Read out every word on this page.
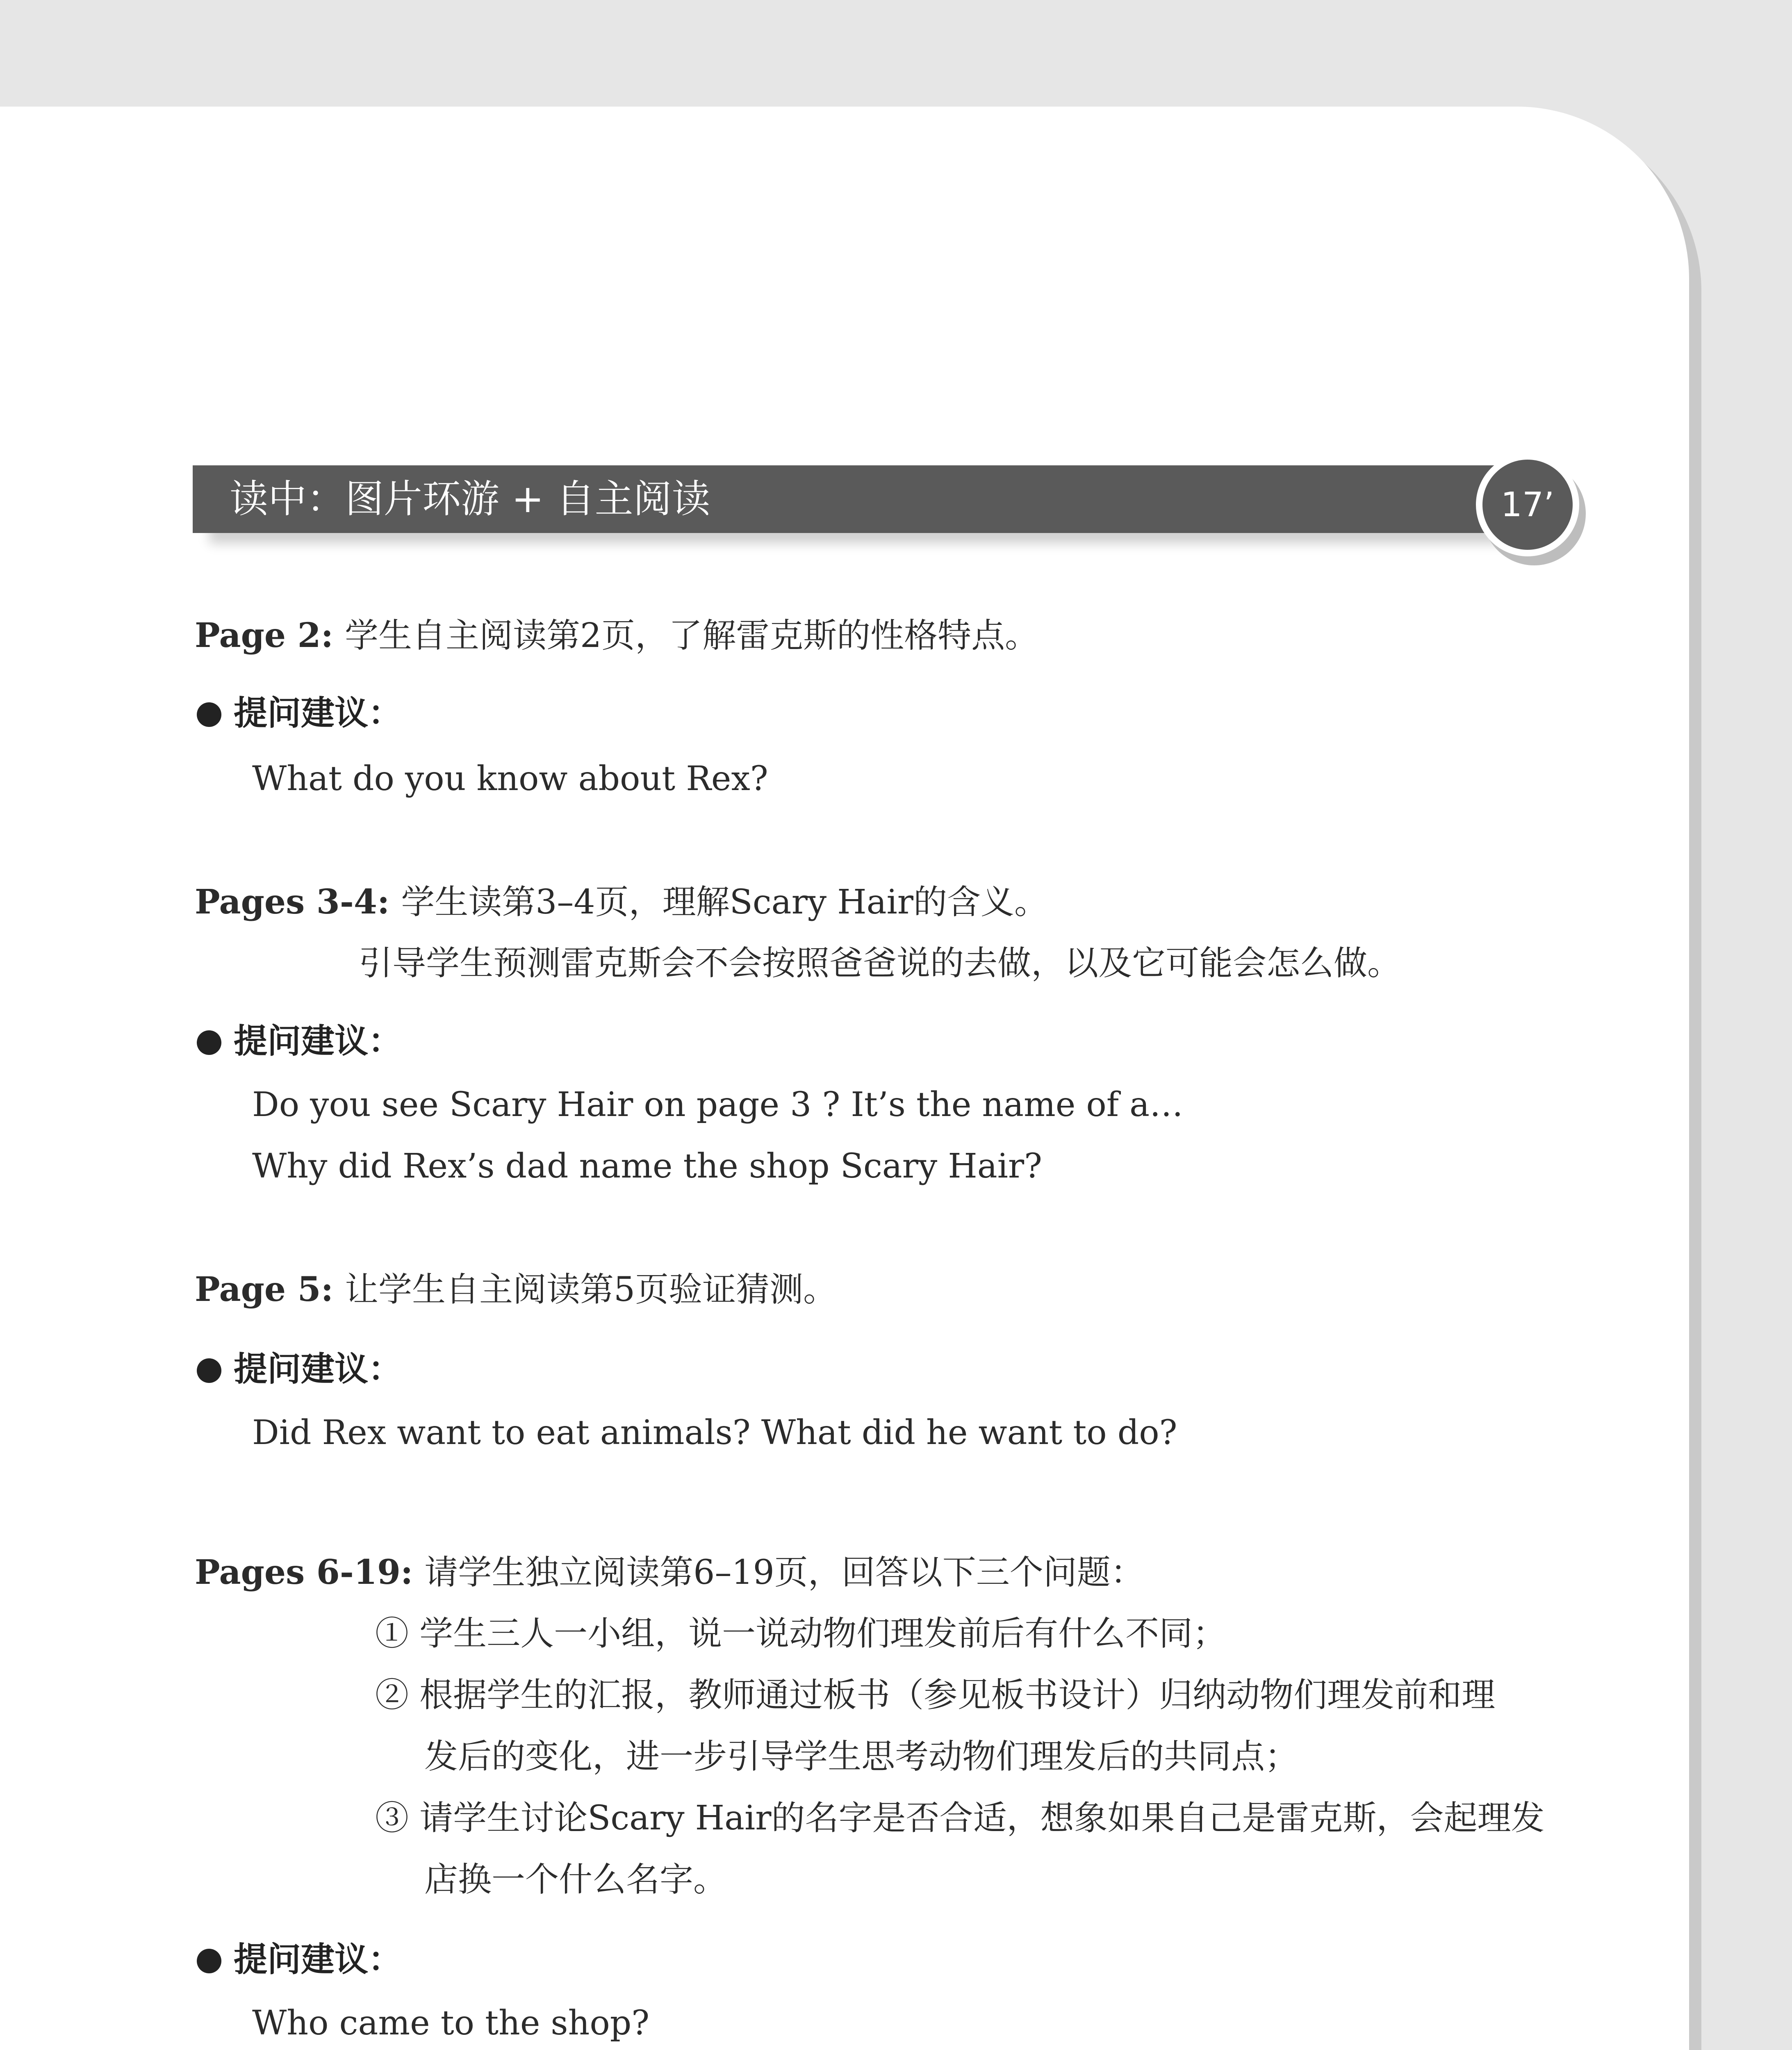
读中：图片环游 + 自主阅读	17’
Page 2: 学生自主阅读第2页，了解雷克斯的性格特点。
提问建议：
What do you know about Rex?
Pages 3-4: 学生读第3–4页，理解Scary Hair的含义。
引导学生预测雷克斯会不会按照爸爸说的去做，以及它可能会怎么做。
提问建议：
Do you see Scary Hair on page 3 ? It’s the name of a…
Why did Rex’s dad name the shop Scary Hair?
Page 5: 让学生自主阅读第5页验证猜测。
提问建议：
Did Rex want to eat animals? What did he want to do?
Pages 6-19: 请学生独立阅读第6–19页，回答以下三个问题：
① 学生三人一小组，说一说动物们理发前后有什么不同；
② 根据学生的汇报，教师通过板书（参见板书设计）归纳动物们理发前和理
发后的变化，进一步引导学生思考动物们理发后的共同点；
③ 请学生讨论Scary Hair的名字是否合适，想象如果自己是雷克斯，会起理发
店换一个什么名字。
提问建议：
Who came to the shop?
